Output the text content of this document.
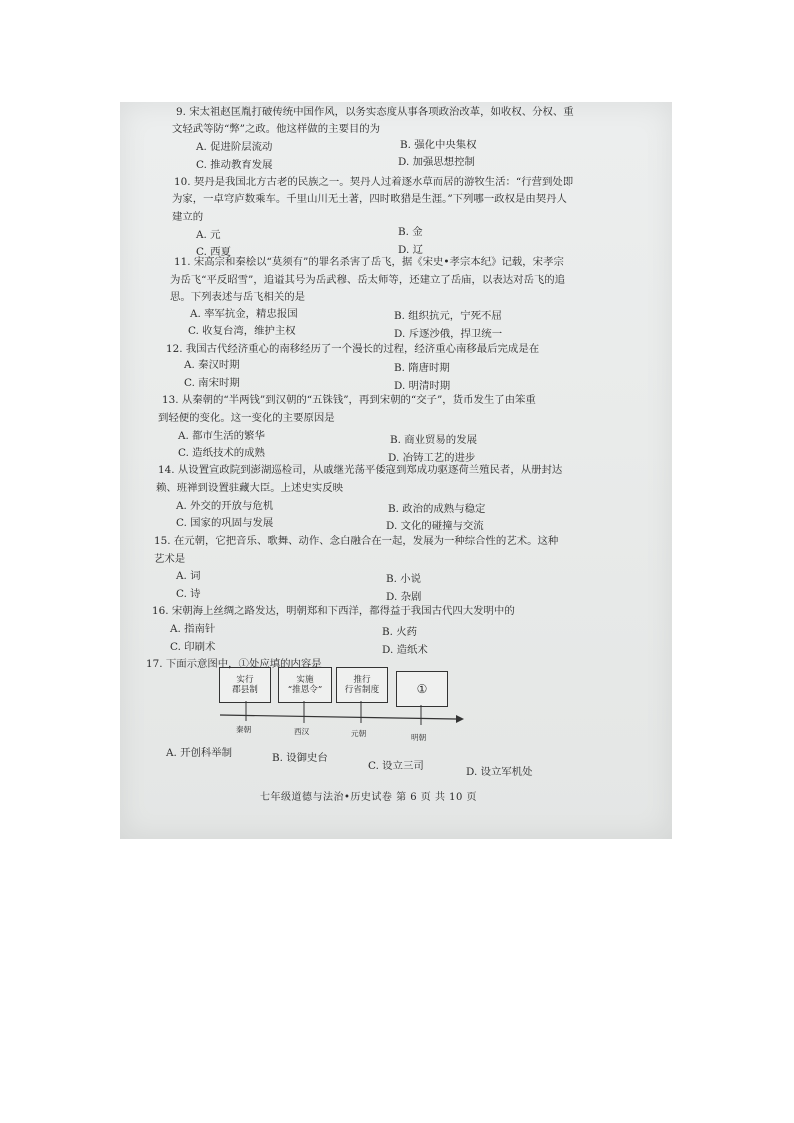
9. 宋太祖赵匡胤打破传统中国作风，以务实态度从事各项政治改革，如收权、分权、重
文轻武等防“弊”之政。他这样做的主要目的为
A. 促进阶层流动	B. 强化中央集权
C. 推动教育发展	D. 加强思想控制
10. 契丹是我国北方古老的民族之一。契丹人过着逐水草而居的游牧生活：“行营到处即
为家，一卓穹庐数乘车。千里山川无土著，四时畋猎是生涯。”下列哪一政权是由契丹人
建立的
A. 元	B. 金
C. 西夏	D. 辽
11. 宋高宗和秦桧以“莫须有”的罪名杀害了岳飞，据《宋史•孝宗本纪》记载，宋孝宗
为岳飞“平反昭雪”，追谥其号为岳武穆、岳太师等，还建立了岳庙，以表达对岳飞的追
思。下列表述与岳飞相关的是
A. 率军抗金，精忠报国	B. 组织抗元，宁死不屈
C. 收复台湾，维护主权	D. 斥逐沙俄，捍卫统一
12. 我国古代经济重心的南移经历了一个漫长的过程，经济重心南移最后完成是在
A. 秦汉时期	B. 隋唐时期
C. 南宋时期	D. 明清时期
13. 从秦朝的“半两钱”到汉朝的“五铢钱”，再到宋朝的“交子”，货币发生了由笨重
到轻便的变化。这一变化的主要原因是
A. 都市生活的繁华	B. 商业贸易的发展
C. 造纸技术的成熟	D. 冶铸工艺的进步
14. 从设置宣政院到澎湖巡检司，从戚继光荡平倭寇到郑成功驱逐荷兰殖民者，从册封达
赖、班禅到设置驻藏大臣。上述史实反映
A. 外交的开放与危机	B. 政治的成熟与稳定
C. 国家的巩固与发展	D. 文化的碰撞与交流
15. 在元朝，它把音乐、歌舞、动作、念白融合在一起，发展为一种综合性的艺术。这种
艺术是
A. 词	B. 小说
C. 诗	D. 杂剧
16. 宋朝海上丝绸之路发达，明朝郑和下西洋，都得益于我国古代四大发明中的
A. 指南针	B. 火药
C. 印刷术	D. 造纸术
17. 下面示意图中，①处应填的内容是
实行
郡县制
实施
“推恩令”
推行
行省制度	①
秦朝	西汉	元朝	明朝
A. 开创科举制	B. 设御史台
C. 设立三司	D. 设立军机处
七年级道德与法治•历史试卷 第 6 页 共 10 页
